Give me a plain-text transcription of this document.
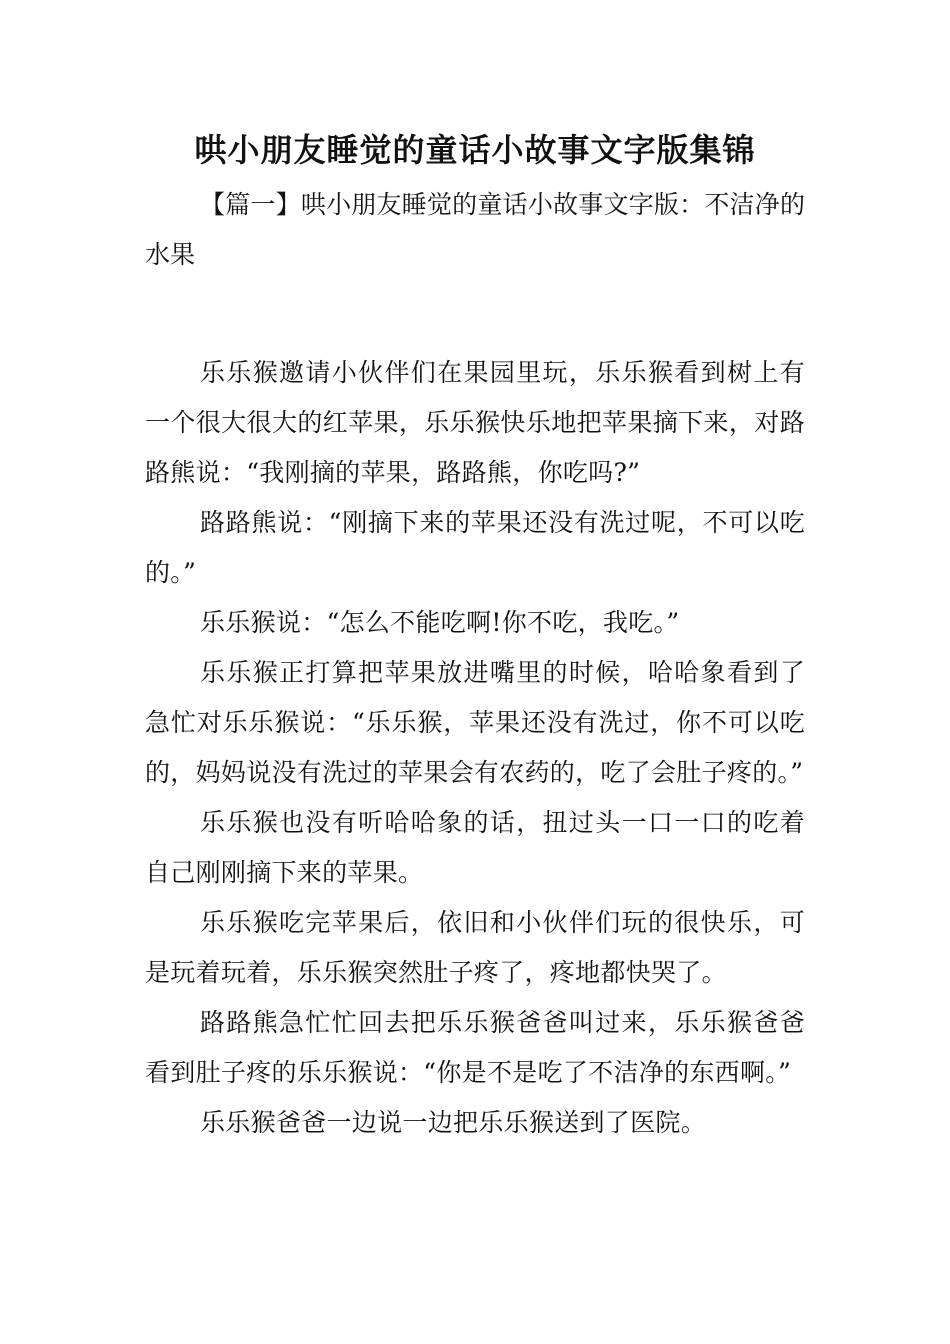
哄小朋友睡觉的童话小故事文字版集锦

【篇一】哄小朋友睡觉的童话小故事文字版：不洁净的水果

乐乐猴邀请小伙伴们在果园里玩，乐乐猴看到树上有一个很大很大的红苹果，乐乐猴快乐地把苹果摘下来，对路路熊说：“我刚摘的苹果，路路熊，你吃吗?”

路路熊说：“刚摘下来的苹果还没有洗过呢，不可以吃的。”

乐乐猴说：“怎么不能吃啊!你不吃，我吃。”

乐乐猴正打算把苹果放进嘴里的时候，哈哈象看到了急忙对乐乐猴说：“乐乐猴，苹果还没有洗过，你不可以吃的，妈妈说没有洗过的苹果会有农药的，吃了会肚子疼的。”

乐乐猴也没有听哈哈象的话，扭过头一口一口的吃着自己刚刚摘下来的苹果。

乐乐猴吃完苹果后，依旧和小伙伴们玩的很快乐，可是玩着玩着，乐乐猴突然肚子疼了，疼地都快哭了。

路路熊急忙忙回去把乐乐猴爸爸叫过来，乐乐猴爸爸看到肚子疼的乐乐猴说：“你是不是吃了不洁净的东西啊。”

乐乐猴爸爸一边说一边把乐乐猴送到了医院。
